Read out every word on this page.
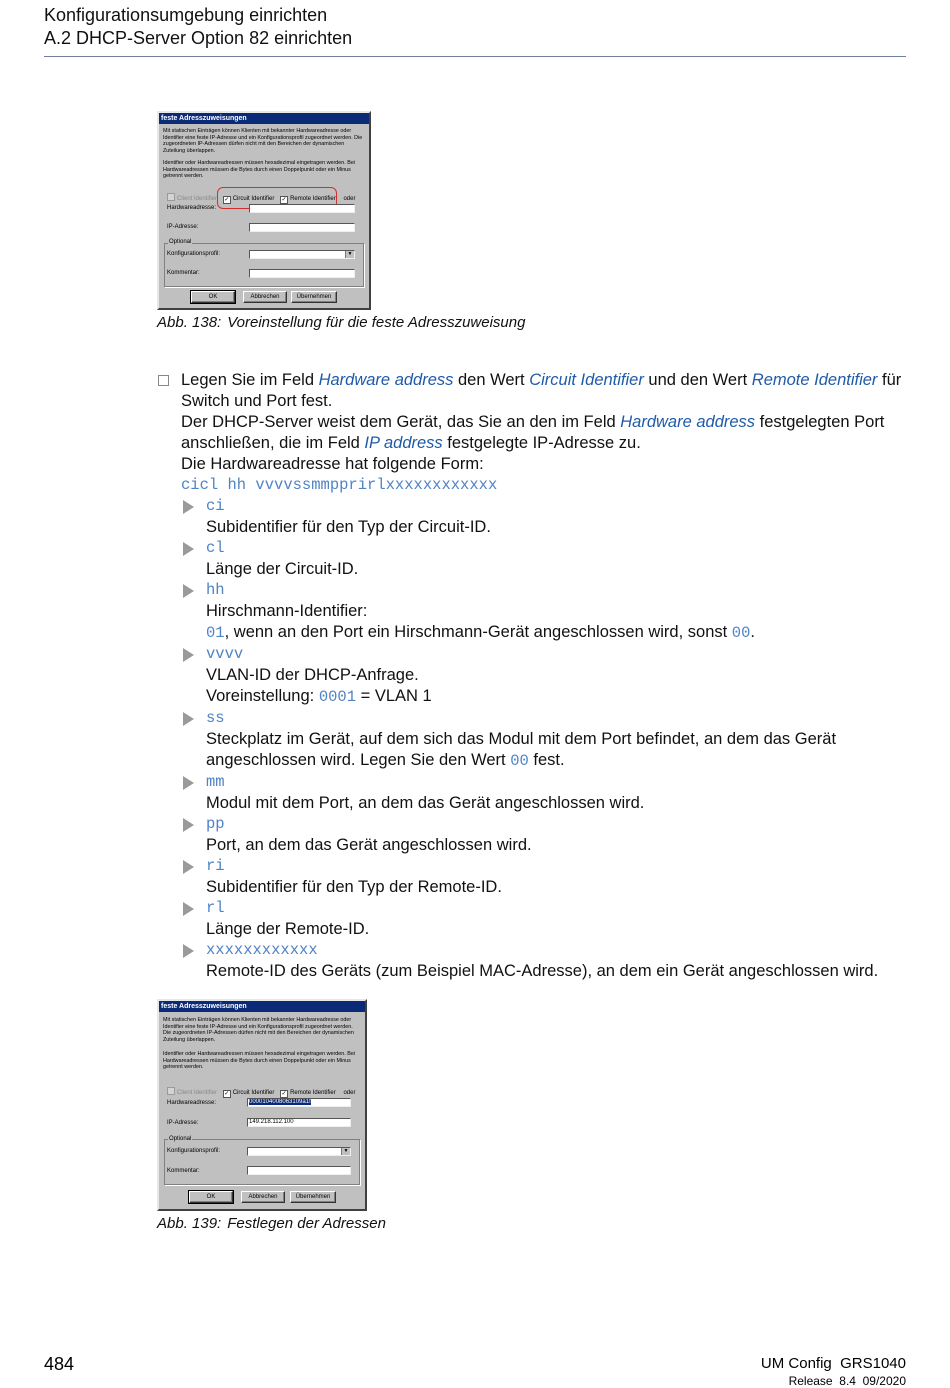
Konfigurationsumgebung einrichten
A.2 DHCP-Server Option 82 einrichten
feste Adresszuweisungen
Mit statischen Einträgen können Klienten mit bekannter Hardwareadresse oder Identifier eine feste IP-Adresse und ein Konfigurationsprofil zugeordnet werden. Die zugeordneten IP-Adressen dürfen nicht mit den Bereichen der dynamischen Zuteilung überlappen.
Identifier oder Hardwareadressen müssen hexadezimal eingetragen werden. Bei Hardwareadressen müssen die Bytes durch einen Doppelpunkt oder ein Minus getrennt werden.
Client Identifier ✓ Circuit Identifier ✓ Remote Identifier oder
Hardwareadresse:
IP-Adresse:
Optional
Konfigurationsprofil:	▼
Kommentar:
OK	Abbrechen	Übernehmen
Abb. 138: Voreinstellung für die feste Adresszuweisung
Legen Sie im Feld Hardware address den Wert Circuit Identifier und den Wert Remote Identifier für Switch und Port fest.
Der DHCP-Server weist dem Gerät, das Sie an den im Feld Hardware address festgelegten Port anschließen, die im Feld IP address festgelegte IP-Adresse zu.
Die Hardwareadresse hat folgende Form:
cicl hh vvvvssmmpprirlxxxxxxxxxxxx
ci
Subidentifier für den Typ der Circuit-ID.
cl
Länge der Circuit-ID.
hh
Hirschmann-Identifier:
01, wenn an den Port ein Hirschmann-Gerät angeschlossen wird, sonst 00.
vvvv
VLAN-ID der DHCP-Anfrage.
Voreinstellung: 0001 = VLAN 1
ss
Steckplatz im Gerät, auf dem sich das Modul mit dem Port befindet, an dem das Gerät angeschlossen wird. Legen Sie den Wert 00 fest.
mm
Modul mit dem Port, an dem das Gerät angeschlossen wird.
pp
Port, an dem das Gerät angeschlossen wird.
ri
Subidentifier für den Typ der Remote-ID.
rl
Länge der Remote-ID.
xxxxxxxxxxxx
Remote-ID des Geräts (zum Beispiel MAC-Adresse), an dem ein Gerät angeschlossen wird.
feste Adresszuweisungen
Mit statischen Einträgen können Klienten mit bekannter Hardwareadresse oder Identifier eine feste IP-Adresse und ein Konfigurationsprofil zugeordnet werden. Die zugeordneten IP-Adressen dürfen nicht mit den Bereichen der dynamischen Zuteilung überlappen.
Identifier oder Hardwareadressen müssen hexadezimal eingetragen werden. Bei Hardwareadressen müssen die Bytes durch einen Doppelpunkt oder ein Minus getrennt werden.
Client Identifier ✓ Circuit Identifier ✓ Remote Identifier oder
Hardwareadresse:	0000104008063109a1f
IP-Adresse:	149.218.112.100
Optional
Konfigurationsprofil:	▼
Kommentar:
OK	Abbrechen	Übernehmen
Abb. 139: Festlegen der Adressen
484	UM Config  GRS1040
Release  8.4  09/2020
